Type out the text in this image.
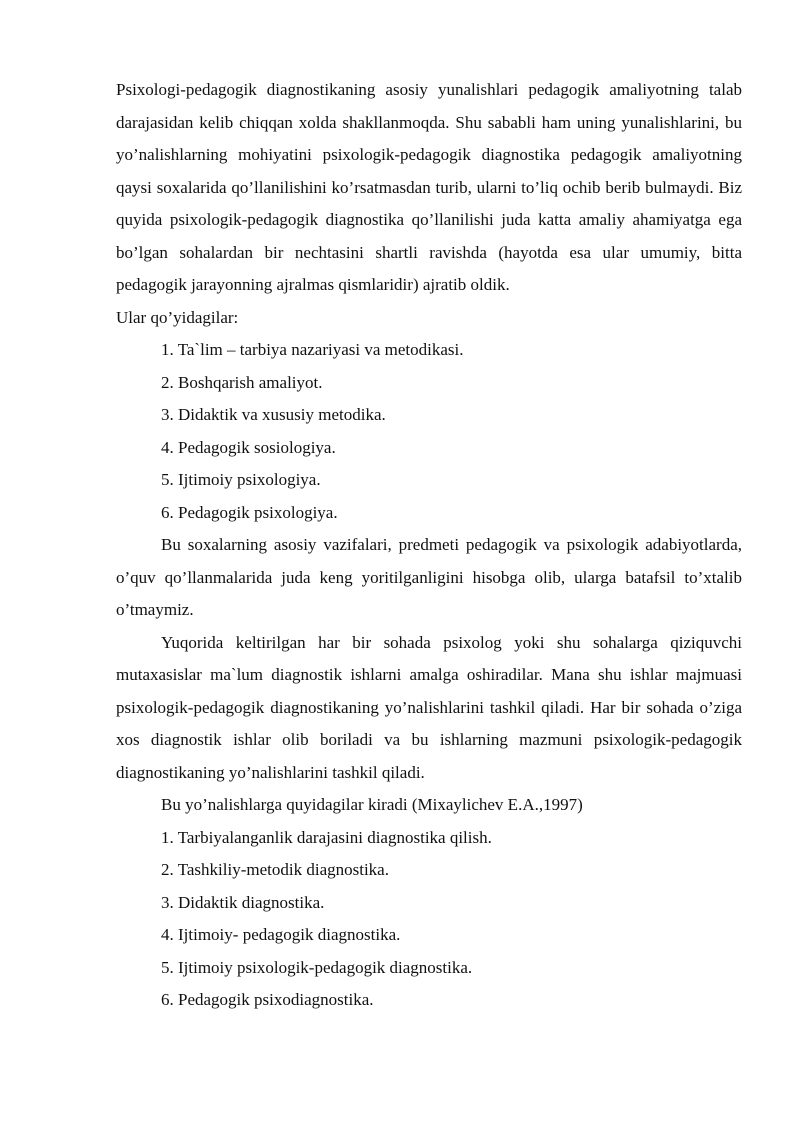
Psixologi-pedagogik diagnostikaning asosiy yunalishlari pedagogik amaliyotning talab darajasidan kelib chiqqan xolda shakllanmoqda. Shu sababli ham uning yunalishlarini, bu yo’nalishlarning mohiyatini psixologik-pedagogik diagnostika pedagogik amaliyotning qaysi soxalarida qo’llanilishini ko’rsatmasdan turib, ularni to’liq ochib berib bulmaydi. Biz quyida psixologik-pedagogik diagnostika qo’llanilishi juda katta amaliy ahamiyatga ega bo’lgan sohalardan bir nechtasini shartli ravishda (hayotda esa ular umumiy, bitta pedagogik jarayonning ajralmas qismlaridir) ajratib oldik.

Ular qo’yidagilar:

1. Ta`lim – tarbiya nazariyasi va metodikasi.

2. Boshqarish amaliyot.

3. Didaktik va xususiy metodika.

4. Pedagogik sosiologiya.

5. Ijtimoiy psixologiya.

6. Pedagogik psixologiya.

Bu soxalarning asosiy vazifalari, predmeti pedagogik va psixologik adabiyotlarda, o’quv qo’llanmalarida juda keng yoritilganligini hisobga olib, ularga batafsil to’xtalib o’tmaymiz.

Yuqorida keltirilgan har bir sohada psixolog yoki shu sohalarga qiziquvchi mutaxasislar ma`lum diagnostik ishlarni amalga oshiradilar. Mana shu ishlar majmuasi psixologik-pedagogik diagnostikaning yo’nalishlarini tashkil qiladi. Har bir sohada o’ziga xos diagnostik ishlar olib boriladi va bu ishlarning mazmuni psixologik-pedagogik diagnostikaning yo’nalishlarini tashkil qiladi.

Bu yo’nalishlarga quyidagilar kiradi (Mixaylichev E.A.,1997)

1. Tarbiyalanganlik darajasini diagnostika qilish.

2. Tashkiliy-metodik diagnostika.

3. Didaktik diagnostika.

4. Ijtimoiy- pedagogik diagnostika.

5. Ijtimoiy psixologik-pedagogik diagnostika.

6. Pedagogik psixodiagnostika.
